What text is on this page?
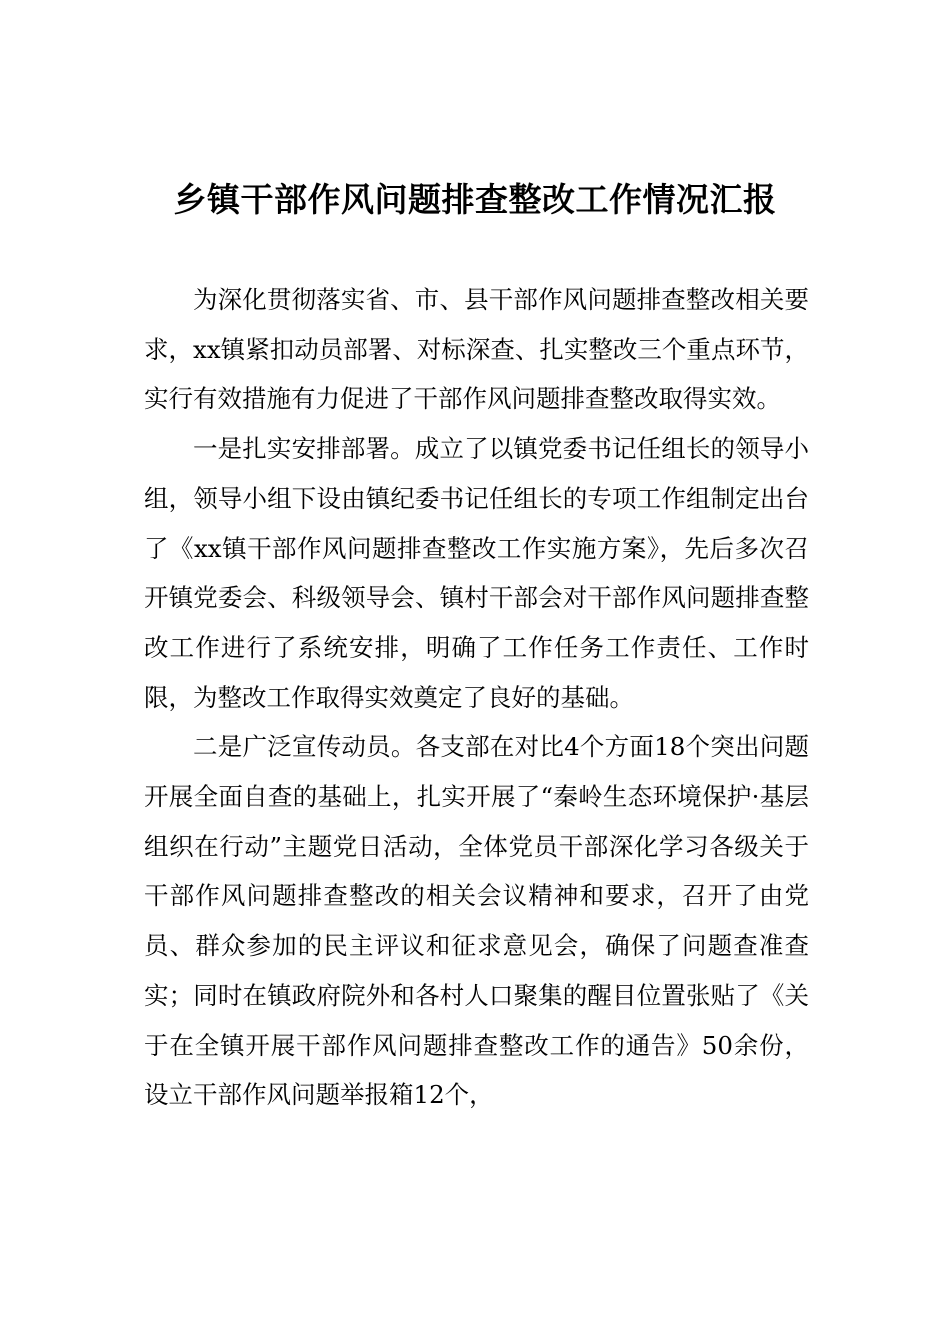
乡镇干部作风问题排查整改工作情况汇报

为深化贯彻落实省、市、县干部作风问题排查整改相关要求，xx镇紧扣动员部署、对标深查、扎实整改三个重点环节，实行有效措施有力促进了干部作风问题排查整改取得实效。

一是扎实安排部署。成立了以镇党委书记任组长的领导小组，领导小组下设由镇纪委书记任组长的专项工作组制定出台了《xx镇干部作风问题排查整改工作实施方案》，先后多次召开镇党委会、科级领导会、镇村干部会对干部作风问题排查整改工作进行了系统安排，明确了工作任务工作责任、工作时限，为整改工作取得实效奠定了良好的基础。

二是广泛宣传动员。各支部在对比4个方面18个突出问题开展全面自查的基础上，扎实开展了“秦岭生态环境保护·基层组织在行动”主题党日活动，全体党员干部深化学习各级关于干部作风问题排查整改的相关会议精神和要求，召开了由党员、群众参加的民主评议和征求意见会，确保了问题查准查实；同时在镇政府院外和各村人口聚集的醒目位置张贴了《关于在全镇开展干部作风问题排查整改工作的通告》50余份，设立干部作风问题举报箱12个，
